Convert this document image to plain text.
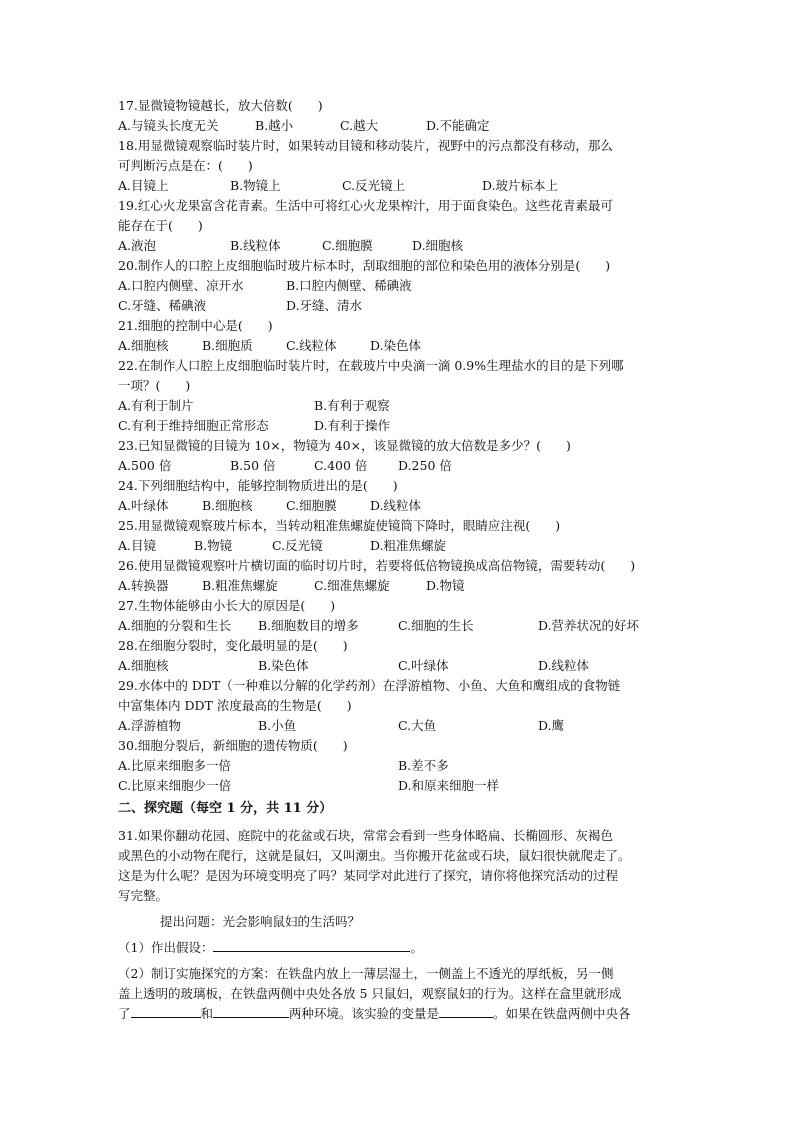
17.显微镜物镜越长，放大倍数(　　)
A.与镜头长度无关	B.越小	C.越大	D.不能确定
18.用显微镜观察临时装片时，如果转动目镜和移动装片，视野中的污点都没有移动，那么
可判断污点是在：(　　)
A.目镜上	B.物镜上	C.反光镜上	D.玻片标本上
19.红心火龙果富含花青素。生活中可将红心火龙果榨汁，用于面食染色。这些花青素最可
能存在于(　　)
A.液泡	B.线粒体	C.细胞膜	D.细胞核
20.制作人的口腔上皮细胞临时玻片标本时，刮取细胞的部位和染色用的液体分别是(　　)
A.口腔内侧壁、凉开水	B.口腔内侧壁、稀碘液
C.牙缝、稀碘液	D.牙缝、清水
21.细胞的控制中心是(　　)
A.细胞核	B.细胞质	C.线粒体	D.染色体
22.在制作人口腔上皮细胞临时装片时，在载玻片中央滴一滴 0.9%生理盐水的目的是下列哪
一项？(　　)
A.有利于制片	B.有利于观察
C.有利于维持细胞正常形态	D.有利于操作
23.已知显微镜的目镜为 10×，物镜为 40×，该显微镜的放大倍数是多少？(　　)
A.500 倍	B.50 倍	C.400 倍 D.250 倍
24.下列细胞结构中，能够控制物质进出的是(　　)
A.叶绿体	B.细胞核	C.细胞膜	D.线粒体
25.用显微镜观察玻片标本，当转动粗准焦螺旋使镜筒下降时，眼睛应注视(　　)
A.目镜	B.物镜	C.反光镜	D.粗准焦螺旋
26.使用显微镜观察叶片横切面的临时切片时，若要将低倍物镜换成高倍物镜，需要转动(　　)
A.转换器	B.粗准焦螺旋	C.细准焦螺旋	D.物镜
27.生物体能够由小长大的原因是(　　)
A.细胞的分裂和生长 B.细胞数目的增多	C.细胞的生长	D.营养状况的好坏
28.在细胞分裂时，变化最明显的是(　　)
A.细胞核	B.染色体	C.叶绿体	D.线粒体
29.水体中的 DDT（一种难以分解的化学药剂）在浮游植物、小鱼、大鱼和鹰组成的食物链
中富集体内 DDT 浓度最高的生物是(　　)
A.浮游植物	B.小鱼	C.大鱼	D.鹰
30.细胞分裂后，新细胞的遗传物质(　　)
A.比原来细胞多一倍	B.差不多
C.比原来细胞少一倍	D.和原来细胞一样
二、探究题（每空 1 分，共 11 分）
31.如果你翻动花园、庭院中的花盆或石块，常常会看到一些身体略扁、长椭圆形、灰褐色
或黑色的小动物在爬行，这就是鼠妇，又叫潮虫。当你搬开花盆或石块，鼠妇很快就爬走了。
这是为什么呢？是因为环境变明亮了吗？某同学对此进行了探究，请你将他探究活动的过程
写完整。
提出问题：光会影响鼠妇的生活吗？
（1）作出假设：	。
（2）制订实施探究的方案：在铁盘内放上一薄层湿土，一侧盖上不透光的厚纸板，另一侧
盖上透明的玻璃板，在铁盘两侧中央处各放 5 只鼠妇，观察鼠妇的行为。这样在盒里就形成
了	和	两种环境。该实验的变量是	。如果在铁盘两侧中央各
